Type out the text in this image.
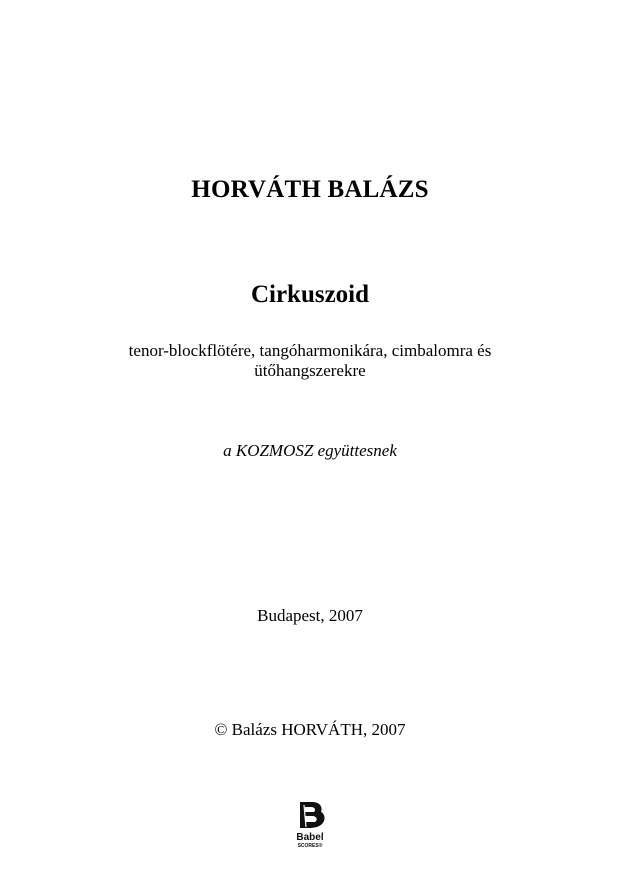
HORVÁTH BALÁZS
Cirkuszoid
tenor-blockflötére, tangóharmonikára, cimbalomra és
ütőhangszerekre
a KOZMOSZ együttesnek
Budapest, 2007
© Balázs HORVÁTH, 2007
Babel
SCORES®
